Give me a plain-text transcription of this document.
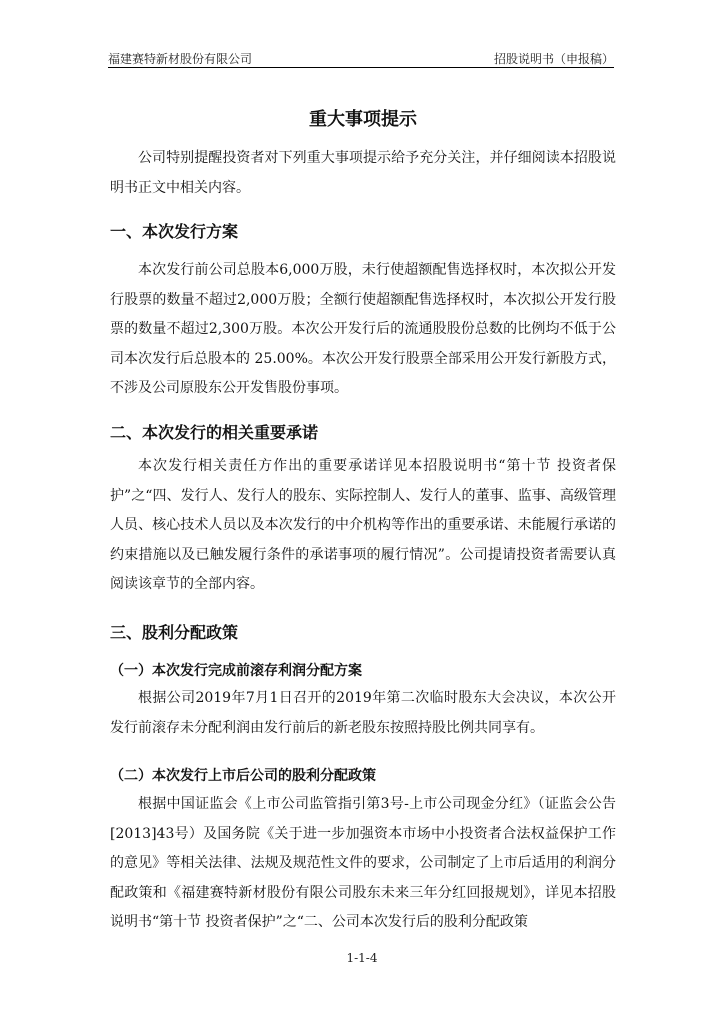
福建赛特新材股份有限公司	招股说明书（申报稿）
重大事项提示

公司特别提醒投资者对下列重大事项提示给予充分关注，并仔细阅读本招股说明书正文中相关内容。

一、本次发行方案

本次发行前公司总股本6,000万股，未行使超额配售选择权时，本次拟公开发行股票的数量不超过2,000万股；全额行使超额配售选择权时，本次拟公开发行股票的数量不超过2,300万股。本次公开发行后的流通股股份总数的比例均不低于公司本次发行后总股本的 25.00%。本次公开发行股票全部采用公开发行新股方式，不涉及公司原股东公开发售股份事项。

二、本次发行的相关重要承诺

本次发行相关责任方作出的重要承诺详见本招股说明书“第十节 投资者保护”之“四、发行人、发行人的股东、实际控制人、发行人的董事、监事、高级管理人员、核心技术人员以及本次发行的中介机构等作出的重要承诺、未能履行承诺的约束措施以及已触发履行条件的承诺事项的履行情况”。公司提请投资者需要认真阅读该章节的全部内容。

三、股利分配政策
（一）本次发行完成前滚存利润分配方案

根据公司2019年7月1日召开的2019年第二次临时股东大会决议，本次公开发行前滚存未分配利润由发行前后的新老股东按照持股比例共同享有。

（二）本次发行上市后公司的股利分配政策

根据中国证监会《上市公司监管指引第3号-上市公司现金分红》（证监会公告[2013]43号）及国务院《关于进一步加强资本市场中小投资者合法权益保护工作的意见》等相关法律、法规及规范性文件的要求，公司制定了上市后适用的利润分配政策和《福建赛特新材股份有限公司股东未来三年分红回报规划》，详见本招股说明书“第十节 投资者保护”之“二、公司本次发行后的股利分配政策

1-1-4
